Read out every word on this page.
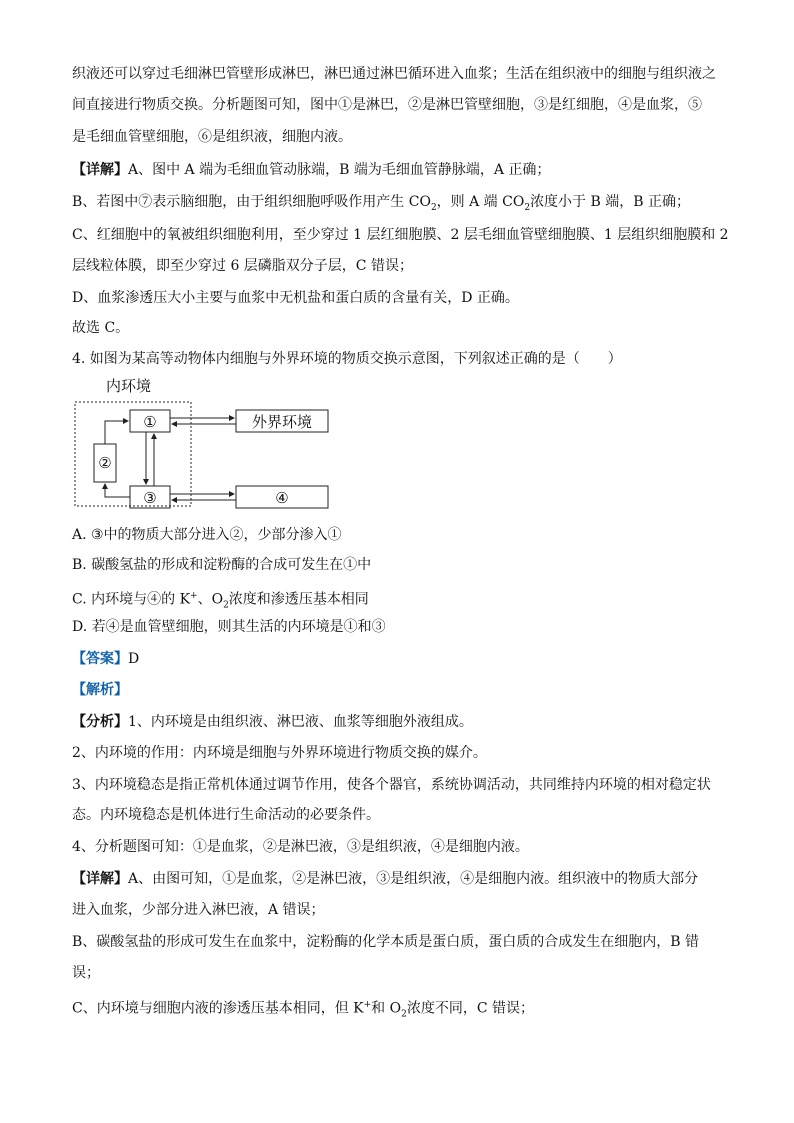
织液还可以穿过毛细淋巴管壁形成淋巴，淋巴通过淋巴循环进入血浆；生活在组织液中的细胞与组织液之
间直接进行物质交换。分析题图可知，图中①是淋巴，②是淋巴管壁细胞，③是红细胞，④是血浆，⑤
是毛细血管壁细胞，⑥是组织液，细胞内液。
【详解】A、图中 A 端为毛细血管动脉端，B 端为毛细血管静脉端，A 正确；
B、若图中⑦表示脑细胞，由于组织细胞呼吸作用产生 $CO_2$，则 A 端 $CO_2$浓度小于 B 端，B 正确；
C、红细胞中的氧被组织细胞利用，至少穿过 1 层红细胞膜、2 层毛细血管壁细胞膜、1 层组织细胞膜和 2
层线粒体膜，即至少穿过 6 层磷脂双分子层，C 错误；
D、血浆渗透压大小主要与血浆中无机盐和蛋白质的含量有关，D 正确。
故选 C。
4. 如图为某高等动物体内细胞与外界环境的物质交换示意图，下列叙述正确的是（　　）
内环境
①
②
③
外界环境
④
A. ③中的物质大部分进入②，少部分渗入①
B. 碳酸氢盐的形成和淀粉酶的合成可发生在①中
C. 内环境与④的 K+、$O_2$浓度和渗透压基本相同
D. 若④是血管壁细胞，则其生活的内环境是①和③
【答案】D
【解析】
【分析】1、内环境是由组织液、淋巴液、血浆等细胞外液组成。
2、内环境的作用：内环境是细胞与外界环境进行物质交换的媒介。
3、内环境稳态是指正常机体通过调节作用，使各个器官，系统协调活动，共同维持内环境的相对稳定状
态。内环境稳态是机体进行生命活动的必要条件。
4、分析题图可知：①是血浆，②是淋巴液，③是组织液，④是细胞内液。
【详解】A、由图可知，①是血浆，②是淋巴液，③是组织液，④是细胞内液。组织液中的物质大部分
进入血浆，少部分进入淋巴液，A 错误；
B、碳酸氢盐的形成可发生在血浆中，淀粉酶的化学本质是蛋白质，蛋白质的合成发生在细胞内，B 错
误；
C、内环境与细胞内液的渗透压基本相同，但 K+和 $O_2$浓度不同，C 错误；
